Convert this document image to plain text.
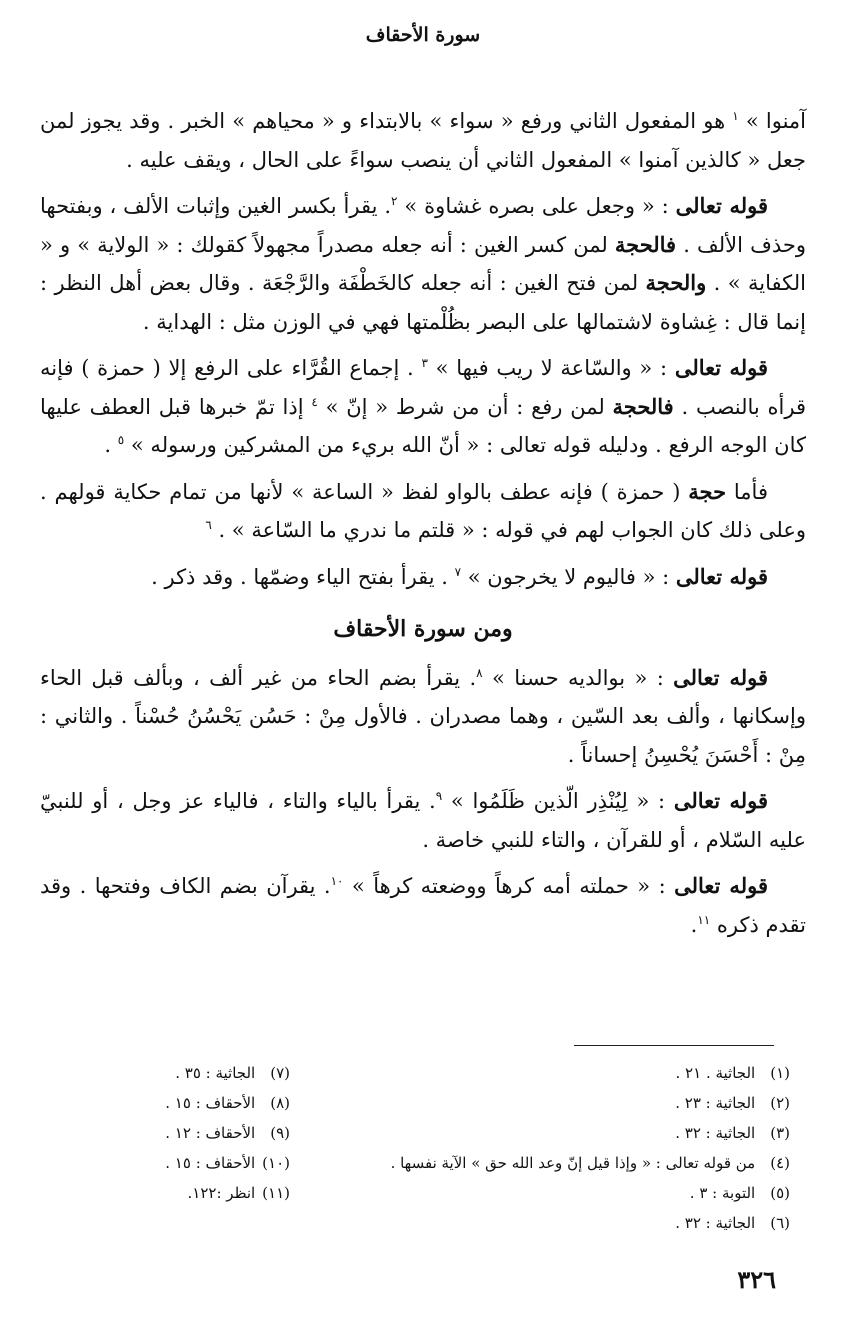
سورة الأحقاف

آمنوا » $^١$ هو المفعول الثاني ورفع « سواء » بالابتداء و « محياهم » الخبر . وقد يجوز لمن جعل « كالذين آمنوا » المفعول الثاني أن ينصب سواءً على الحال ، ويقف عليه .

قوله تعالى : « وجعل على بصره غشاوة » $^٢$. يقرأ بكسر الغين وإثبات الألف ، وبفتحها وحذف الألف . فالحجة لمن كسر الغين : أنه جعله مصدراً مجهولاً كقولك : « الولاية » و « الكفاية » . والحجة لمن فتح الغين : أنه جعله كالخَطْفَة والرَّجْعَة . وقال بعض أهل النظر : إنما قال : غِشاوة لاشتمالها على البصر بظُلْمتها فهي في الوزن مثل : الهداية .

قوله تعالى : « والسّاعة لا ريب فيها » $^٣$ . إجماع القُرَّاء على الرفع إلا ( حمزة ) فإنه قرأه بالنصب . فالحجة لمن رفع : أن من شرط « إنّ » $^٤$ إذا تمّ خبرها قبل العطف عليها كان الوجه الرفع . ودليله قوله تعالى : « أنّ الله بريء من المشركين ورسوله » $^٥$ .

فأما حجة ( حمزة ) فإنه عطف بالواو لفظ « الساعة » لأنها من تمام حكاية قولهم . وعلى ذلك كان الجواب لهم في قوله : « قلتم ما ندري ما السّاعة » . $^٦$

قوله تعالى : « فاليوم لا يخرجون » $^٧$ . يقرأ بفتح الياء وضمّها . وقد ذكر .

ومن سورة الأحقاف

قوله تعالى : « بوالديه حسنا » $^٨$. يقرأ بضم الحاء من غير ألف ، وبألف قبل الحاء وإسكانها ، وألف بعد السّين ، وهما مصدران . فالأول مِنْ : حَسُن يَحْسُنُ حُسْناً . والثاني : مِنْ : أَحْسَنَ يُحْسِنُ إحساناً .

قوله تعالى : « لِيُنْذِر الّذين ظَلَمُوا » $^٩$. يقرأ بالياء والتاء ، فالياء عز وجل ، أو للنبيّ عليه السّلام ، أو للقرآن ، والتاء للنبي خاصة .

قوله تعالى : « حملته أمه كرهاً ووضعته كرهاً » $^{١٠}$. يقرآن بضم الكاف وفتحها . وقد تقدم ذكره $^{١١}$.

(١) الجاثية . ٢١ .
(٢) الجاثية : ٢٣ .
(٣) الجاثية : ٣٢ .
(٤) من قوله تعالى : « وإذا قيل إنّ وعد الله حق » الآية نفسها .
(٥) التوبة : ٣ .
(٦) الجاثية : ٣٢ .
(٧) الجاثية : ٣٥ .
(٨) الأحقاف : ١٥ .
(٩) الأحقاف : ١٢ .
(١٠) الأحقاف : ١٥ .
(١١) انظر :١٢٢.
٣٢٦
